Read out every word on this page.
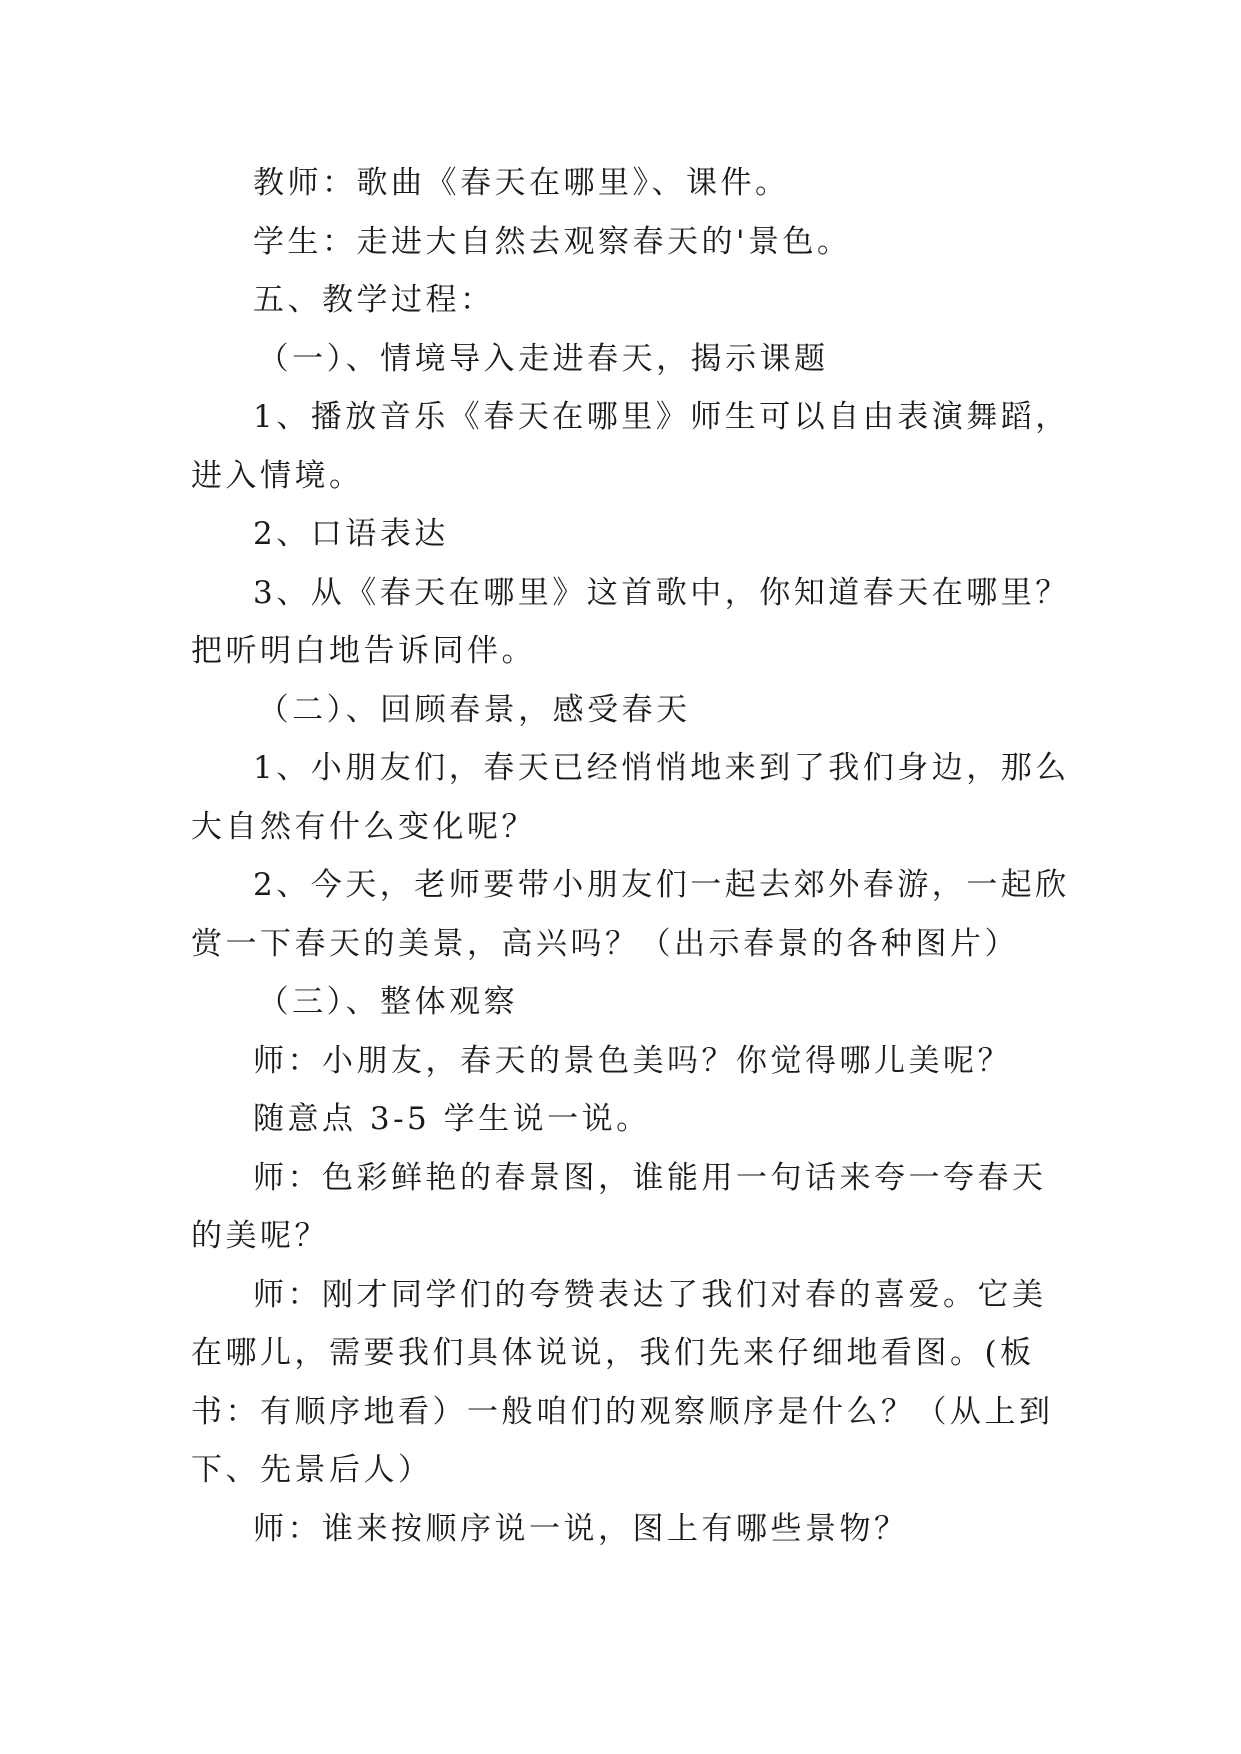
教师：歌曲《春天在哪里》、课件。

学生：走进大自然去观察春天的'景色。

五、教学过程：

（一）、情境导入走进春天，揭示课题

1、播放音乐《春天在哪里》师生可以自由表演舞蹈，进入情境。

2、口语表达

3、从《春天在哪里》这首歌中，你知道春天在哪里？把听明白地告诉同伴。

（二）、回顾春景，感受春天

1、小朋友们，春天已经悄悄地来到了我们身边，那么大自然有什么变化呢？

2、今天，老师要带小朋友们一起去郊外春游，一起欣赏一下春天的美景，高兴吗？（出示春景的各种图片）

（三）、整体观察

师：小朋友，春天的景色美吗？你觉得哪儿美呢？

随意点 3-5 学生说一说。

师：色彩鲜艳的春景图，谁能用一句话来夸一夸春天的美呢？

师：刚才同学们的夸赞表达了我们对春的喜爱。它美在哪儿，需要我们具体说说，我们先来仔细地看图。(板书：有顺序地看）一般咱们的观察顺序是什么？（从上到下、先景后人）

师：谁来按顺序说一说，图上有哪些景物？
